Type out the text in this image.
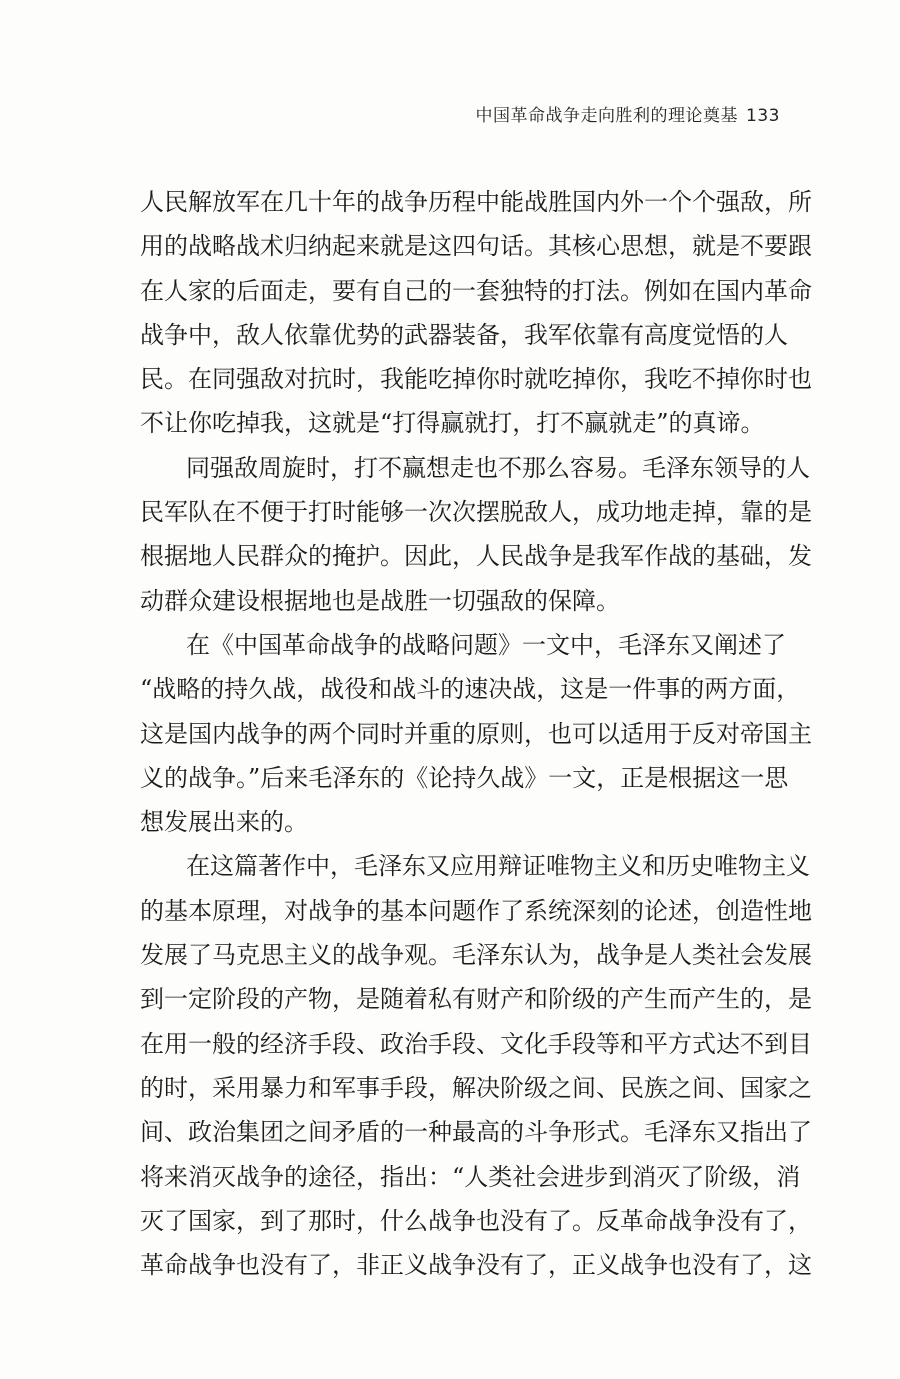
中国革命战争走向胜利的理论奠基 133
人民解放军在几十年的战争历程中能战胜国内外一个个强敌，所
用的战略战术归纳起来就是这四句话。其核心思想，就是不要跟
在人家的后面走，要有自己的一套独特的打法。例如在国内革命
战争中，敌人依靠优势的武器装备，我军依靠有高度觉悟的人
民。在同强敌对抗时，我能吃掉你时就吃掉你，我吃不掉你时也
不让你吃掉我，这就是“打得赢就打，打不赢就走”的真谛。
同强敌周旋时，打不赢想走也不那么容易。毛泽东领导的人
民军队在不便于打时能够一次次摆脱敌人，成功地走掉，靠的是
根据地人民群众的掩护。因此，人民战争是我军作战的基础，发
动群众建设根据地也是战胜一切强敌的保障。
在《中国革命战争的战略问题》一文中，毛泽东又阐述了
“战略的持久战，战役和战斗的速决战，这是一件事的两方面，
这是国内战争的两个同时并重的原则，也可以适用于反对帝国主
义的战争。”后来毛泽东的《论持久战》一文，正是根据这一思
想发展出来的。
在这篇著作中，毛泽东又应用辩证唯物主义和历史唯物主义
的基本原理，对战争的基本问题作了系统深刻的论述，创造性地
发展了马克思主义的战争观。毛泽东认为，战争是人类社会发展
到一定阶段的产物，是随着私有财产和阶级的产生而产生的，是
在用一般的经济手段、政治手段、文化手段等和平方式达不到目
的时，采用暴力和军事手段，解决阶级之间、民族之间、国家之
间、政治集团之间矛盾的一种最高的斗争形式。毛泽东又指出了
将来消灭战争的途径，指出：“人类社会进步到消灭了阶级，消
灭了国家，到了那时，什么战争也没有了。反革命战争没有了，
革命战争也没有了，非正义战争没有了，正义战争也没有了，这
